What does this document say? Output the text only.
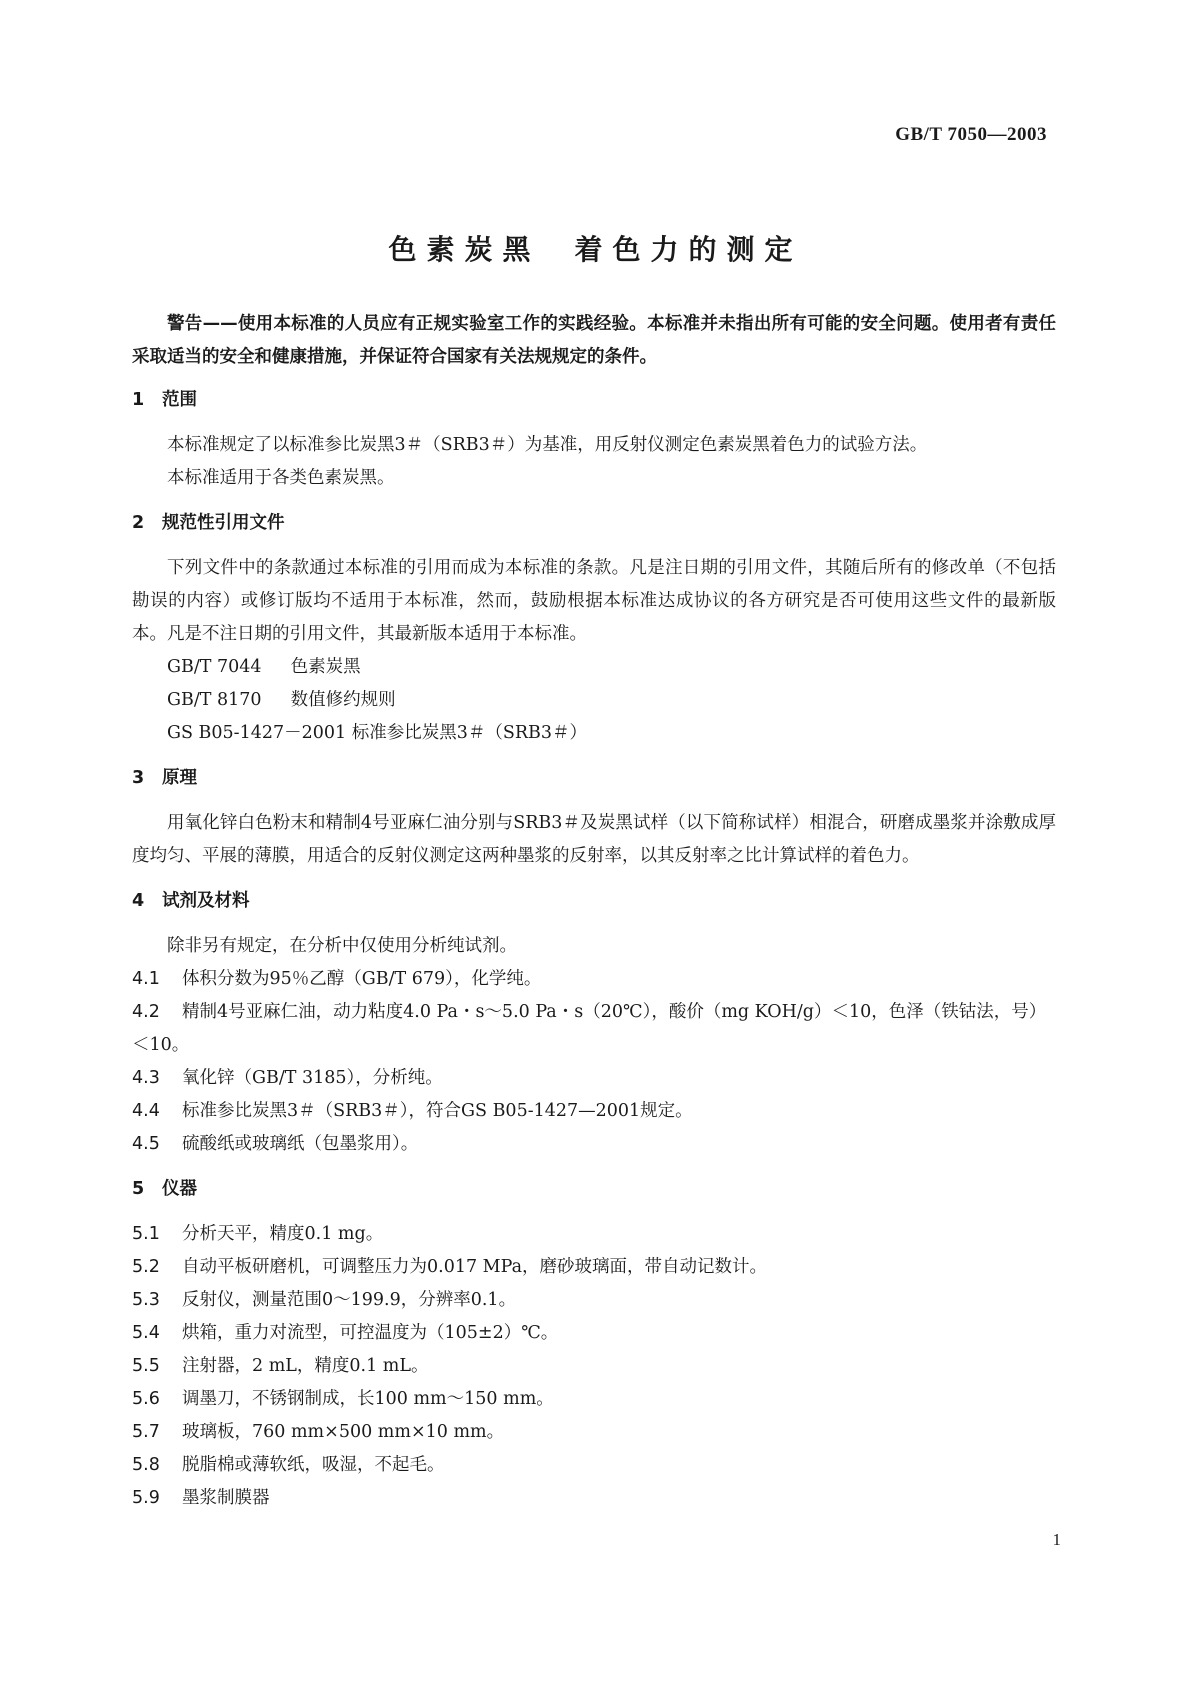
GB/T 7050—2003
色素炭黑 着色力的测定

警告——使用本标准的人员应有正规实验室工作的实践经验。本标准并未指出所有可能的安全问题。使用者有责任采取适当的安全和健康措施，并保证符合国家有关法规规定的条件。

1 范围

本标准规定了以标准参比炭黑3＃（SRB3＃）为基准，用反射仪测定色素炭黑着色力的试验方法。

本标准适用于各类色素炭黑。

2 规范性引用文件

下列文件中的条款通过本标准的引用而成为本标准的条款。凡是注日期的引用文件，其随后所有的修改单（不包括勘误的内容）或修订版均不适用于本标准，然而，鼓励根据本标准达成协议的各方研究是否可使用这些文件的最新版本。凡是不注日期的引用文件，其最新版本适用于本标准。

GB/T 7044 色素炭黑
GB/T 8170 数值修约规则
GS B05-1427－2001 标准参比炭黑3＃（SRB3＃）
3 原理

用氧化锌白色粉末和精制4号亚麻仁油分别与SRB3＃及炭黑试样（以下简称试样）相混合，研磨成墨浆并涂敷成厚度均匀、平展的薄膜，用适合的反射仪测定这两种墨浆的反射率，以其反射率之比计算试样的着色力。

4 试剂及材料

除非另有规定，在分析中仅使用分析纯试剂。

4.1 体积分数为95％乙醇（GB/T 679），化学纯。

4.2 精制4号亚麻仁油，动力粘度4.0 Pa・s～5.0 Pa・s（20℃），酸价（mg KOH/g）＜10，色泽（铁钴法，号）＜10。

4.3 氧化锌（GB/T 3185），分析纯。

4.4 标准参比炭黑3＃（SRB3＃），符合GS B05-1427—2001规定。

4.5 硫酸纸或玻璃纸（包墨浆用）。

5 仪器

5.1 分析天平，精度0.1 mg。

5.2 自动平板研磨机，可调整压力为0.017 MPa，磨砂玻璃面，带自动记数计。

5.3 反射仪，测量范围0～199.9，分辨率0.1。

5.4 烘箱，重力对流型，可控温度为（105±2）℃。

5.5 注射器，2 mL，精度0.1 mL。

5.6 调墨刀，不锈钢制成，长100 mm～150 mm。

5.7 玻璃板，760 mm×500 mm×10 mm。

5.8 脱脂棉或薄软纸，吸湿，不起毛。

5.9 墨浆制膜器

1
